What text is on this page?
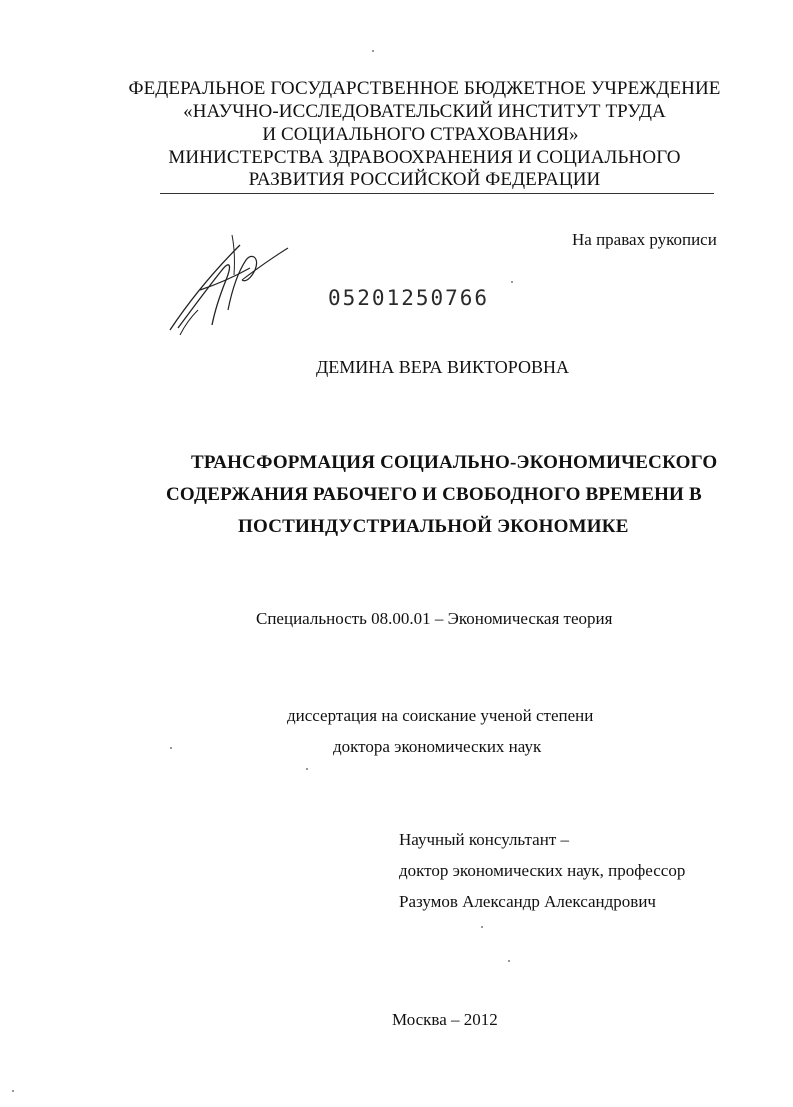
ФЕДЕРАЛЬНОЕ ГОСУДАРСТВЕННОЕ БЮДЖЕТНОЕ УЧРЕЖДЕНИЕ
«НАУЧНО-ИССЛЕДОВАТЕЛЬСКИЙ ИНСТИТУТ ТРУДА
И СОЦИАЛЬНОГО СТРАХОВАНИЯ»
МИНИСТЕРСТВА ЗДРАВООХРАНЕНИЯ И СОЦИАЛЬНОГО
РАЗВИТИЯ РОССИЙСКОЙ ФЕДЕРАЦИИ
На правах рукописи
05201250766
ДЕМИНА ВЕРА ВИКТОРОВНА
ТРАНСФОРМАЦИЯ СОЦИАЛЬНО-ЭКОНОМИЧЕСКОГО
СОДЕРЖАНИЯ РАБОЧЕГО И СВОБОДНОГО ВРЕМЕНИ В
ПОСТИНДУСТРИАЛЬНОЙ ЭКОНОМИКЕ
Специальность 08.00.01 – Экономическая теория
диссертация на соискание ученой степени
доктора экономических наук
Научный консультант –
доктор экономических наук, профессор
Разумов Александр Александрович
Москва – 2012
